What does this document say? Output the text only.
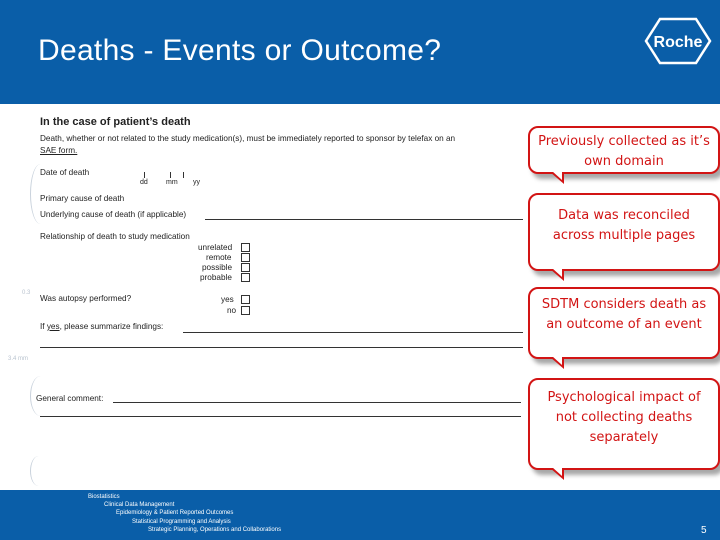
Deaths - Events or Outcome?	Roche
0.3
3.4 mm
In the case of patient’s death
Death, whether or not related to the study medication(s), must be immediately reported to sponsor by telefax on an
SAE form.
Date of death
dd	mm yy
Primary cause of death
Underlying cause of death (if applicable)
Relationship of death to study medication
unrelated
remote
possible
probable
Was autopsy performed?	yes
no
If yes, please summarize findings:
General comment:
Previously collected as it’s own domain
Data was reconciled across multiple pages
SDTM considers death as an outcome of an event
Psychological impact of not collecting deaths separately
Biostatistics
Clinical Data Management
Epidemiology & Patient Reported Outcomes
Statistical Programming and Analysis
Strategic Planning, Operations and Collaborations	5
